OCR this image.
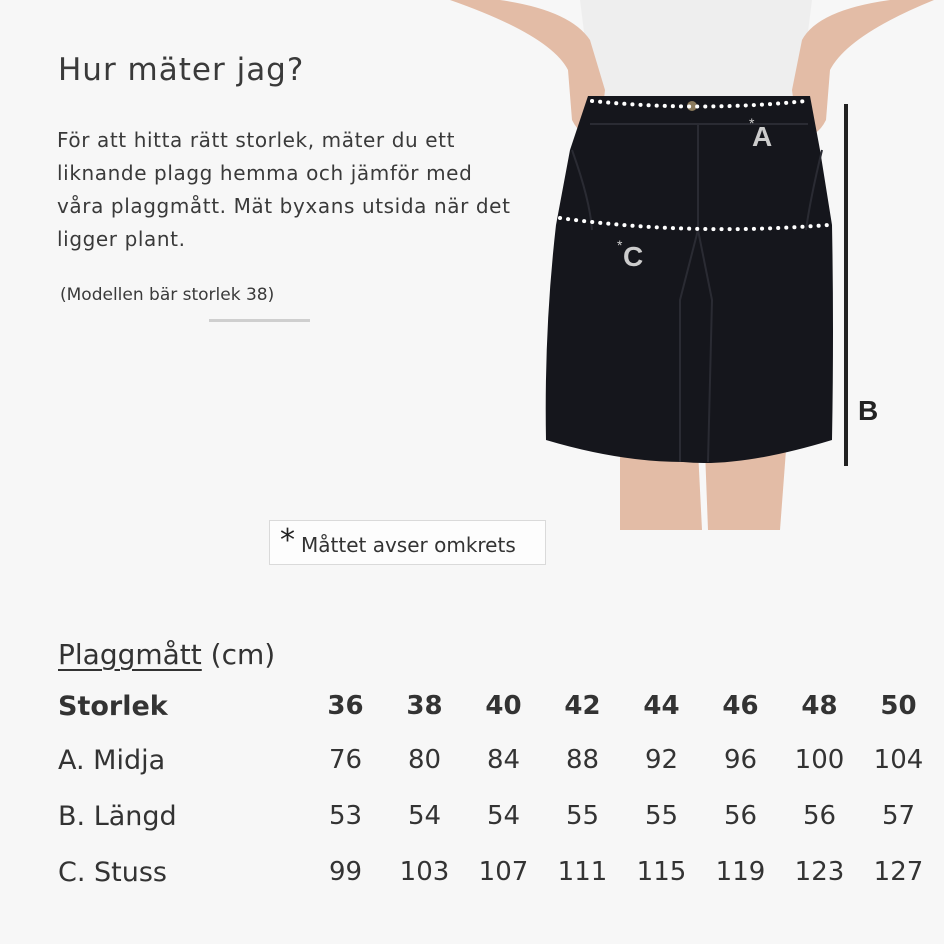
Hur mäter jag?

För att hitta rätt storlek, mäter du ett liknande plagg hemma och jämför med våra plaggmått. Mät byxans utsida när det ligger plant.

(Modellen bär storlek 38)
*
A
* C
B
* Måttet avser omkrets
Plaggmått (cm)
Storlek	36	38	40	42	44	46	48	50
A. Midja	76	80	84	88	92	96	100	104
B. Längd	53	54	54	55	55	56	56	57
C. Stuss	99	103	107	111	115	119	123	127
